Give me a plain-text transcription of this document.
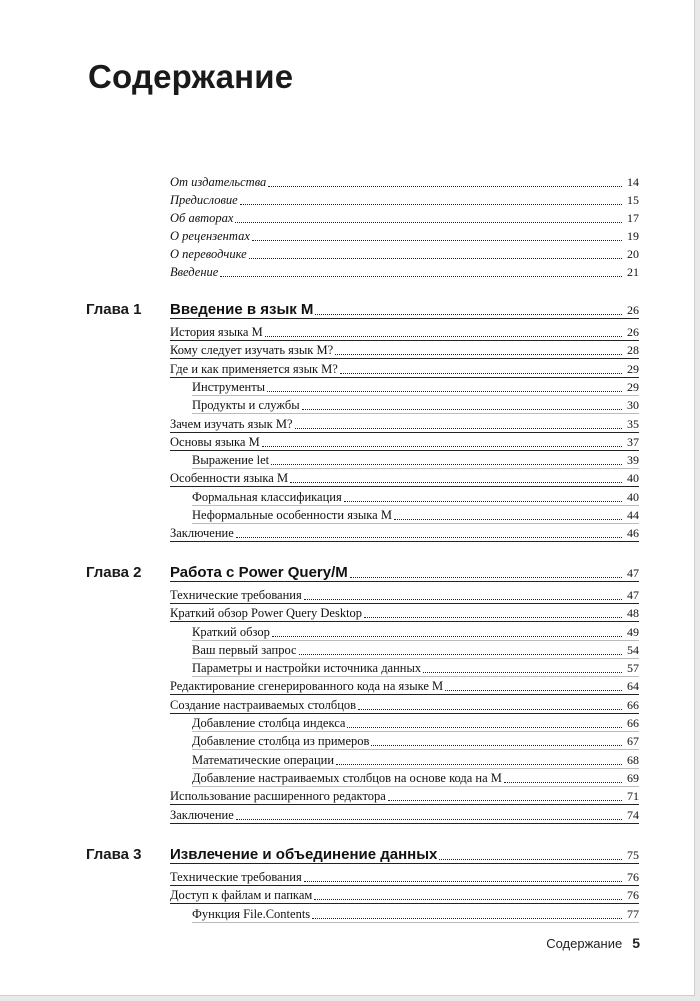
Содержание
От издательства	14
Предисловие	15
Об авторах	17
О рецензентах	19
О переводчике	20
Введение	21
Глава 1 Введение в язык M	26
История языка M	26
Кому следует изучать язык M?	28
Где и как применяется язык M?	29
Инструменты	29
Продукты и службы	30
Зачем изучать язык M?	35
Основы языка M	37
Выражение let	39
Особенности языка M	40
Формальная классификация	40
Неформальные особенности языка M	44
Заключение	46
Глава 2 Работа с Power Query/M	47
Технические требования	47
Краткий обзор Power Query Desktop	48
Краткий обзор	49
Ваш первый запрос	54
Параметры и настройки источника данных	57
Редактирование сгенерированного кода на языке M	64
Создание настраиваемых столбцов	66
Добавление столбца индекса	66
Добавление столбца из примеров	67
Математические операции	68
Добавление настраиваемых столбцов на основе кода на M	69
Использование расширенного редактора	71
Заключение	74
Глава 3 Извлечение и объединение данных	75
Технические требования	76
Доступ к файлам и папкам	76
Функция File.Contents	77
Содержание 5
